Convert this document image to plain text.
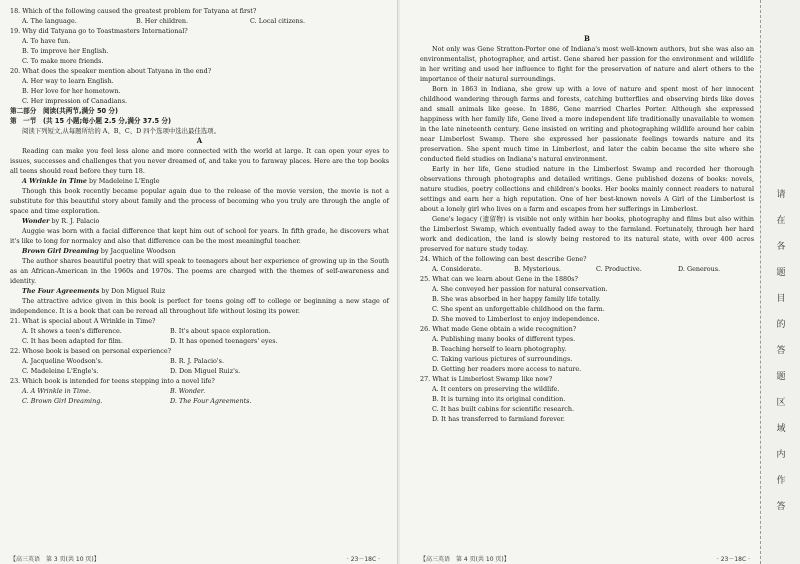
18. Which of the following caused the greatest problem for Tatyana at first?
A. The language.	B. Her children.	C. Local citizens.
19. Why did Tatyana go to Toastmasters International?
A. To have fun.
B. To improve her English.
C. To make more friends.
20. What does the speaker mention about Tatyana in the end?
A. Her way to learn English.
B. Her love for her hometown.
C. Her impression of Canadians.
第二部分　阅读(共两节,满分 50 分)
第　一节　(共 15 小题;每小题 2.5 分,满分 37.5 分)
阅读下列短文,从每题所给的 A、B、C、D 四个选项中选出最佳选项。
A
Reading can make you feel less alone and more connected with the world at large. It can open your eyes to issues, successes and challenges that you never dreamed of, and take you to faraway places. Here are the top books all teens should read before they turn 18.
A Wrinkle in Time by Madeleine L'Engle
Though this book recently became popular again due to the release of the movie version, the movie is not a substitute for this beautiful story about family and the process of becoming who you truly are through the angle of space and time exploration.
Wonder by R. J. Palacio
Auggie was born with a facial difference that kept him out of school for years. In fifth grade, he discovers what it's like to long for normalcy and also that difference can be the most meaningful teacher.
Brown Girl Dreaming by Jacqueline Woodson
The author shares beautiful poetry that will speak to teenagers about her experience of growing up in the South as an African-American in the 1960s and 1970s. The poems are charged with the themes of self-awareness and identity.
The Four Agreements by Don Miguel Ruiz
The attractive advice given in this book is perfect for teens going off to college or beginning a new stage of independence. It is a book that can be reread all throughout life without losing its power.
21. What is special about A Wrinkle in Time?
A. It shows a teen's difference.	B. It's about space exploration.
C. It has been adapted for film.	D. It has opened teenagers' eyes.
22. Whose book is based on personal experience?
A. Jacqueline Woodson's.	B. R. J. Palacio's.
C. Madeleine L'Engle's.	D. Don Miguel Ruiz's.
23. Which book is intended for teens stepping into a novel life?
A. A Wrinkle in Time.	B. Wonder.
C. Brown Girl Dreaming.	D. The Four Agreements.
【高三英语　第 3 页(共 10 页)】	· 23－18C ·
B
Not only was Gene Stratton-Porter one of Indiana's most well-known authors, but she was also an environmentalist, photographer, and artist. Gene shared her passion for the environment and wildlife in her writing and used her influence to fight for the preservation of nature and alert others to the importance of their natural surroundings.
Born in 1863 in Indiana, she grew up with a love of nature and spent most of her innocent childhood wandering through farms and forests, catching butterflies and observing birds like doves and small animals like geese. In 1886, Gene married Charles Porter. Although she expressed happiness with her family life, Gene lived a more independent life traditionally unavailable to women in the late nineteenth century. Gene insisted on writing and photographing wildlife around her cabin near Limberlost Swamp. There she expressed her passionate feelings towards nature and its preservation. She spent much time in Limberlost, and later the cabin became the site where she conducted field studies on Indiana's natural environment.
Early in her life, Gene studied nature in the Limberlost Swamp and recorded her thorough observations through photographs and detailed writings. Gene published dozens of books: novels, nature studies, poetry collections and children's books. Her books mainly connect readers to natural settings and earn her a high reputation. One of her best-known novels A Girl of the Limberlost is about a lonely girl who lives on a farm and escapes from her sufferings in Limberlost.
Gene's legacy (遗留物) is visible not only within her books, photography and films but also within the Limberlost Swamp, which eventually faded away to the farmland. Fortunately, through her hard work and dedication, the land is slowly being restored to its natural state, with over 400 acres preserved for nature study today.
24. Which of the following can best describe Gene?
A. Considerate.	B. Mysterious.	C. Productive.	D. Generous.
25. What can we learn about Gene in the 1880s?
A. She conveyed her passion for natural conservation.
B. She was absorbed in her happy family life totally.
C. She spent an unforgettable childhood on the farm.
D. She moved to Limberlost to enjoy independence.
26. What made Gene obtain a wide recognition?
A. Publishing many books of different types.
B. Teaching herself to learn photography.
C. Taking various pictures of surroundings.
D. Getting her readers more access to nature.
27. What is Limberlost Swamp like now?
A. It centers on preserving the wildlife.
B. It is turning into its original condition.
C. It has built cabins for scientific research.
D. It has transferred to farmland forever.
【高三英语　第 4 页(共 10 页)】	· 23－18C ·
请
在
各
题
目
的
答
题
区
域
内
作
答
